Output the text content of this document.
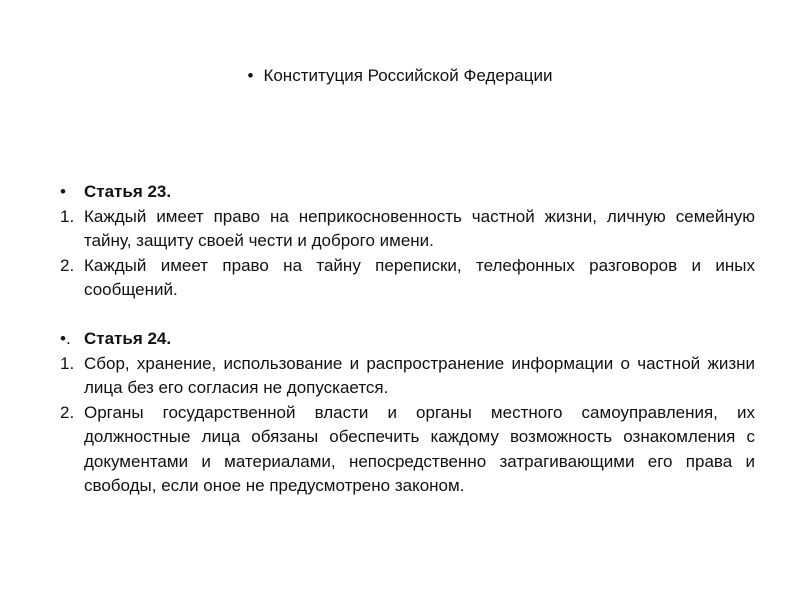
• Конституция Российской Федерации
•	Статья 23.
1. Каждый имеет право на неприкосновенность частной жизни, личную семейную тайну, защиту своей чести и доброго имени.
2. Каждый имеет право на тайну переписки, телефонных разговоров и иных сообщений.
•. Статья 24.
1. Сбор, хранение, использование и распространение информации о частной жизни лица без его согласия не допускается.
2. Органы государственной власти и органы местного самоуправления, их должностные лица обязаны обеспечить каждому возможность ознакомления с документами и материалами, непосредственно затрагивающими его права и свободы, если оное не предусмотрено законом.
